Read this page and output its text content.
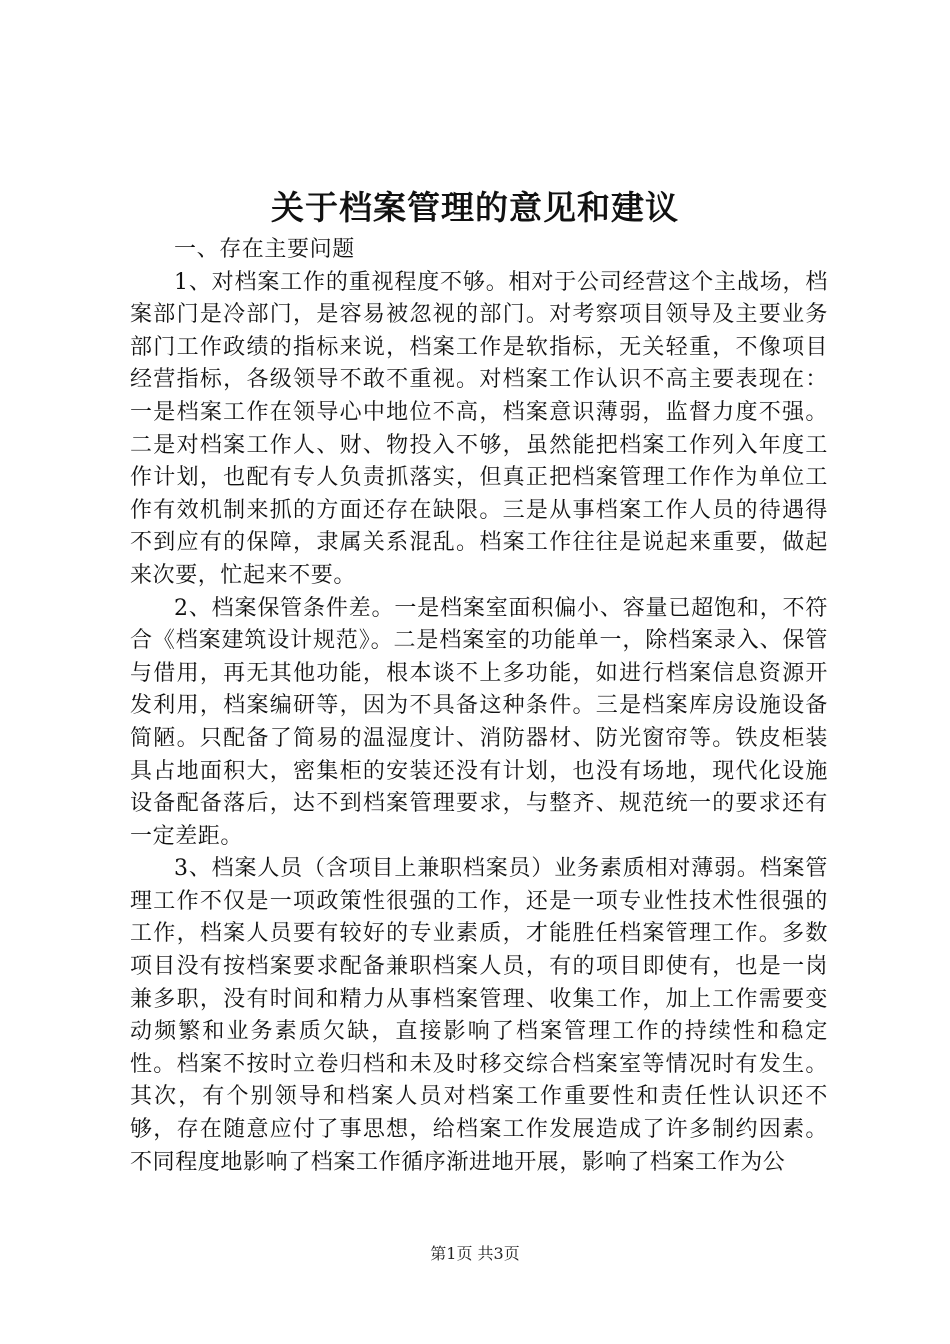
关于档案管理的意见和建议

一、存在主要问题

1、对档案工作的重视程度不够。相对于公司经营这个主战场，档案部门是冷部门，是容易被忽视的部门。对考察项目领导及主要业务部门工作政绩的指标来说，档案工作是软指标，无关轻重，不像项目经营指标，各级领导不敢不重视。对档案工作认识不高主要表现在：一是档案工作在领导心中地位不高，档案意识薄弱，监督力度不强。二是对档案工作人、财、物投入不够，虽然能把档案工作列入年度工作计划，也配有专人负责抓落实，但真正把档案管理工作作为单位工作有效机制来抓的方面还存在缺限。三是从事档案工作人员的待遇得不到应有的保障，隶属关系混乱。档案工作往往是说起来重要，做起来次要，忙起来不要。

2、档案保管条件差。一是档案室面积偏小、容量已超饱和，不符合《档案建筑设计规范》。二是档案室的功能单一，除档案录入、保管与借用，再无其他功能，根本谈不上多功能，如进行档案信息资源开发利用，档案编研等，因为不具备这种条件。三是档案库房设施设备简陋。只配备了简易的温湿度计、消防器材、防光窗帘等。铁皮柜装具占地面积大，密集柜的安装还没有计划，也没有场地，现代化设施设备配备落后，达不到档案管理要求，与整齐、规范统一的要求还有一定差距。

3、档案人员（含项目上兼职档案员）业务素质相对薄弱。档案管理工作不仅是一项政策性很强的工作，还是一项专业性技术性很强的工作，档案人员要有较好的专业素质，才能胜任档案管理工作。多数项目没有按档案要求配备兼职档案人员，有的项目即使有，也是一岗兼多职，没有时间和精力从事档案管理、收集工作，加上工作需要变动频繁和业务素质欠缺，直接影响了档案管理工作的持续性和稳定性。档案不按时立卷归档和未及时移交综合档案室等情况时有发生。其次，有个别领导和档案人员对档案工作重要性和责任性认识还不够，存在随意应付了事思想，给档案工作发展造成了许多制约因素。不同程度地影响了档案工作循序渐进地开展，影响了档案工作为公

第1页 共3页
